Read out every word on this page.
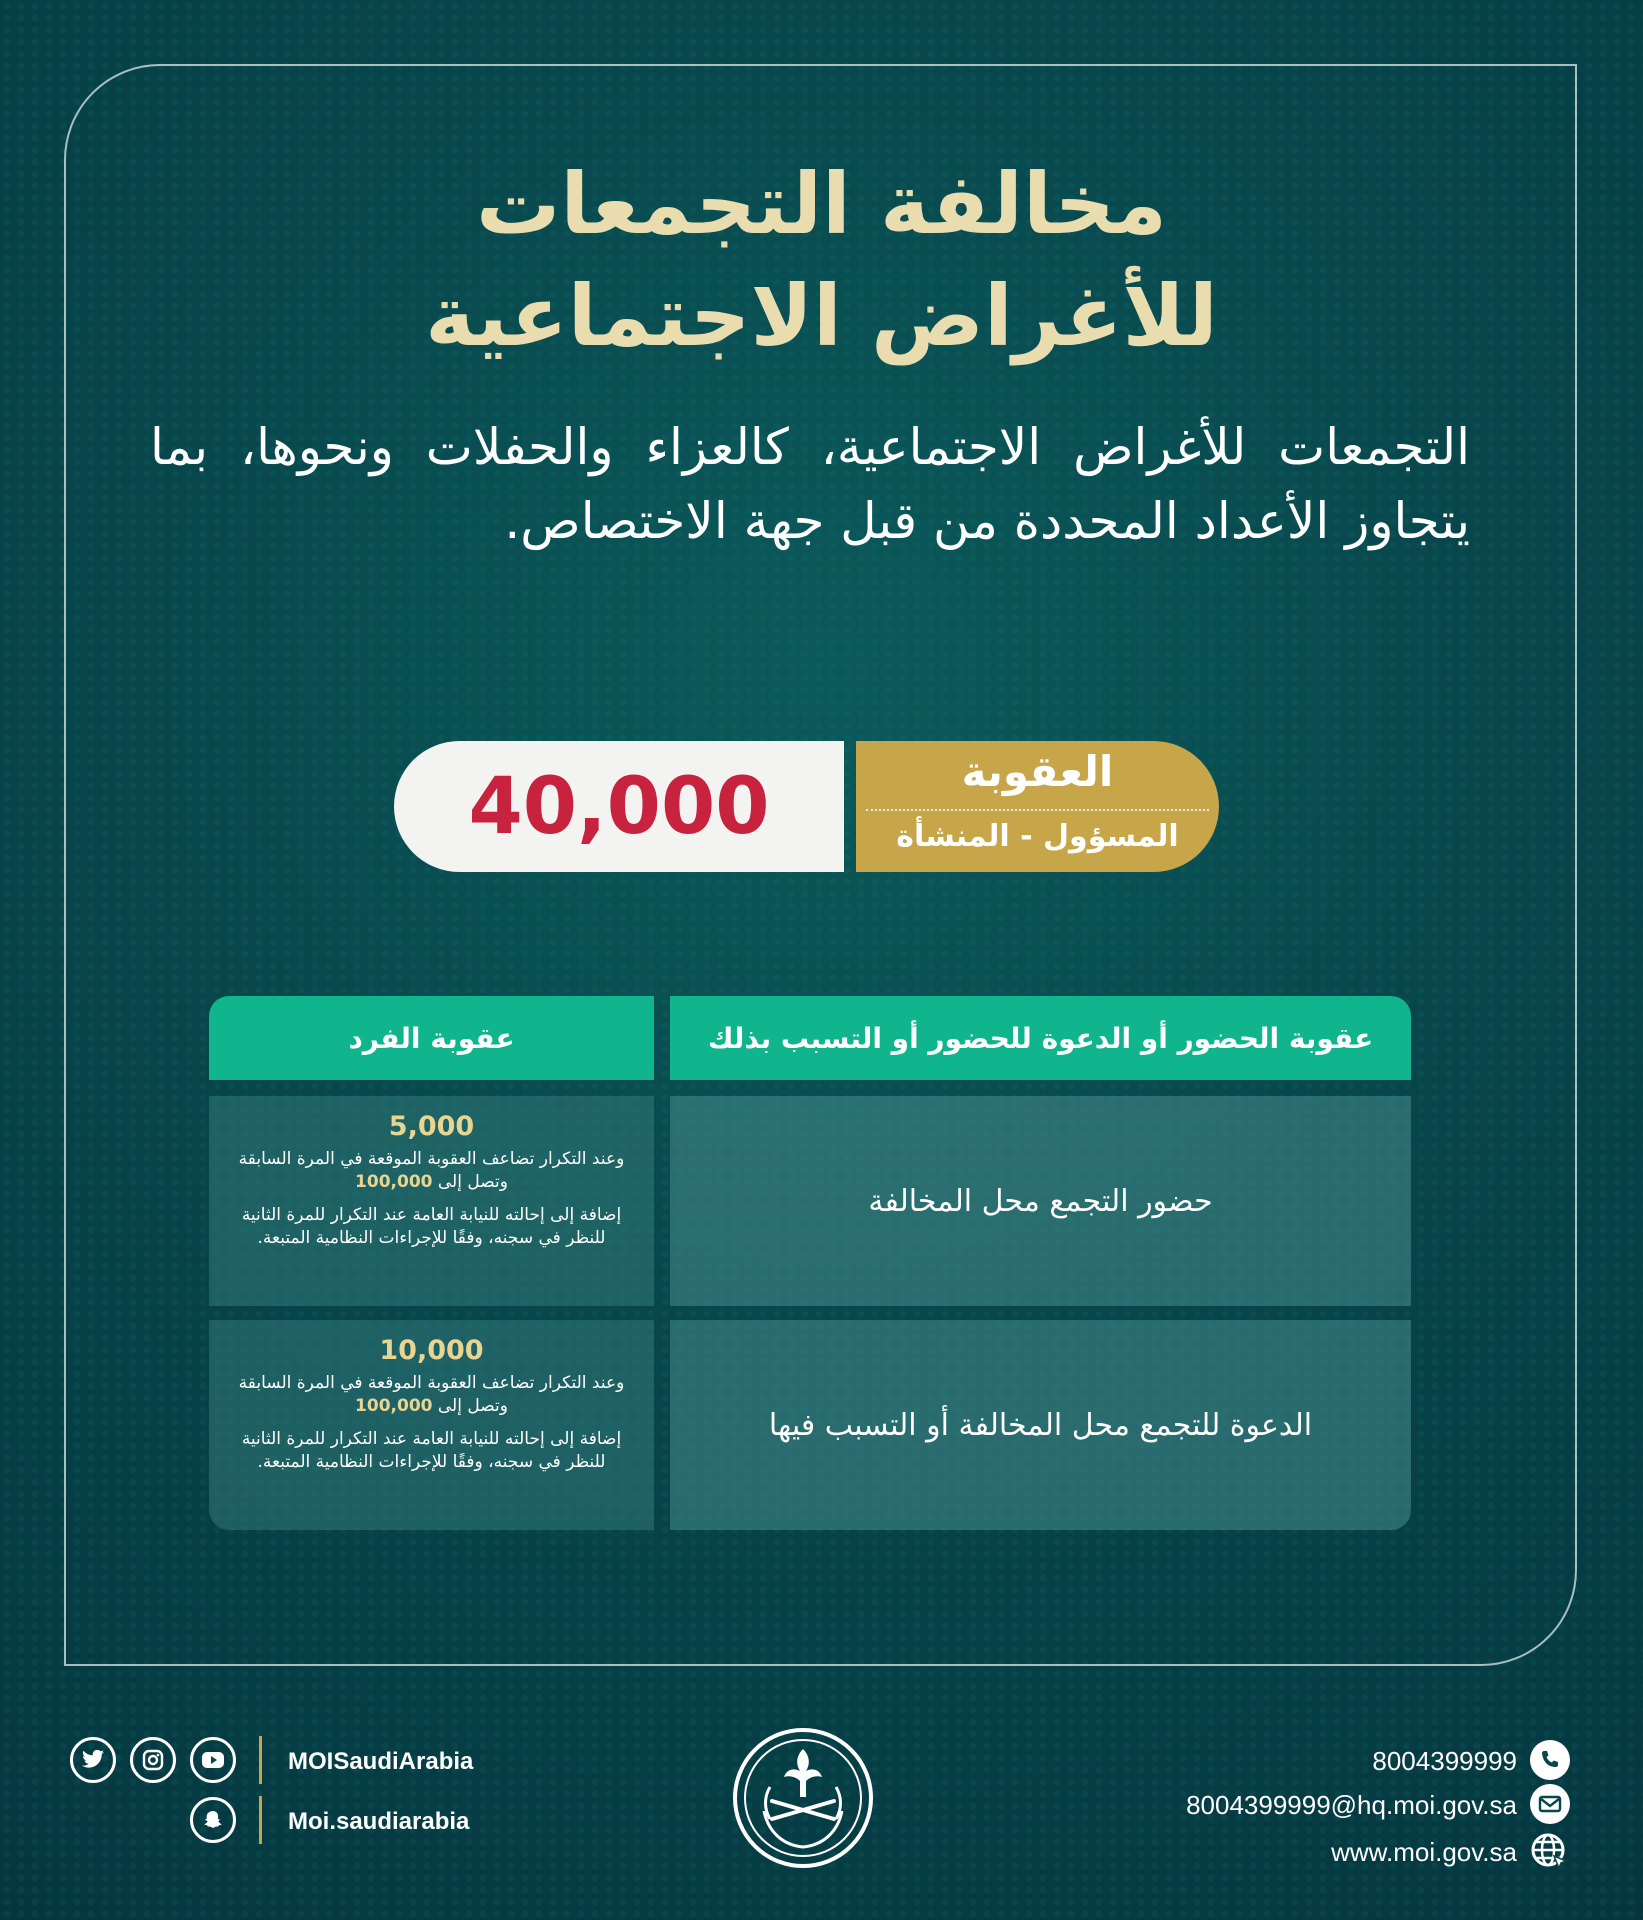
مخالفة التجمعات
للأغراض الاجتماعية
التجمعات للأغراض الاجتماعية، كالعزاء والحفلات ونحوها، بما يتجاوز الأعداد المحددة من قبل جهة الاختصاص.
40,000	العقوبة
المسؤول - المنشأة
عقوبة الحضور أو الدعوة للحضور أو التسبب بذلك
عقوبة الفرد
حضور التجمع محل المخالفة
5,000

وعند التكرار تضاعف العقوبة الموقعة في المرة السابقة وتصل إلى 100,000

إضافة إلى إحالته للنيابة العامة عند التكرار للمرة الثانية للنظر في سجنه، وفقًا للإجراءات النظامية المتبعة.

الدعوة للتجمع محل المخالفة أو التسبب فيها
10,000

وعند التكرار تضاعف العقوبة الموقعة في المرة السابقة وتصل إلى 100,000

إضافة إلى إحالته للنيابة العامة عند التكرار للمرة الثانية للنظر في سجنه، وفقًا للإجراءات النظامية المتبعة.

MOISaudiArabia
Moi.saudiarabia
8004399999
8004399999@hq.moi.gov.sa
www.moi.gov.sa
